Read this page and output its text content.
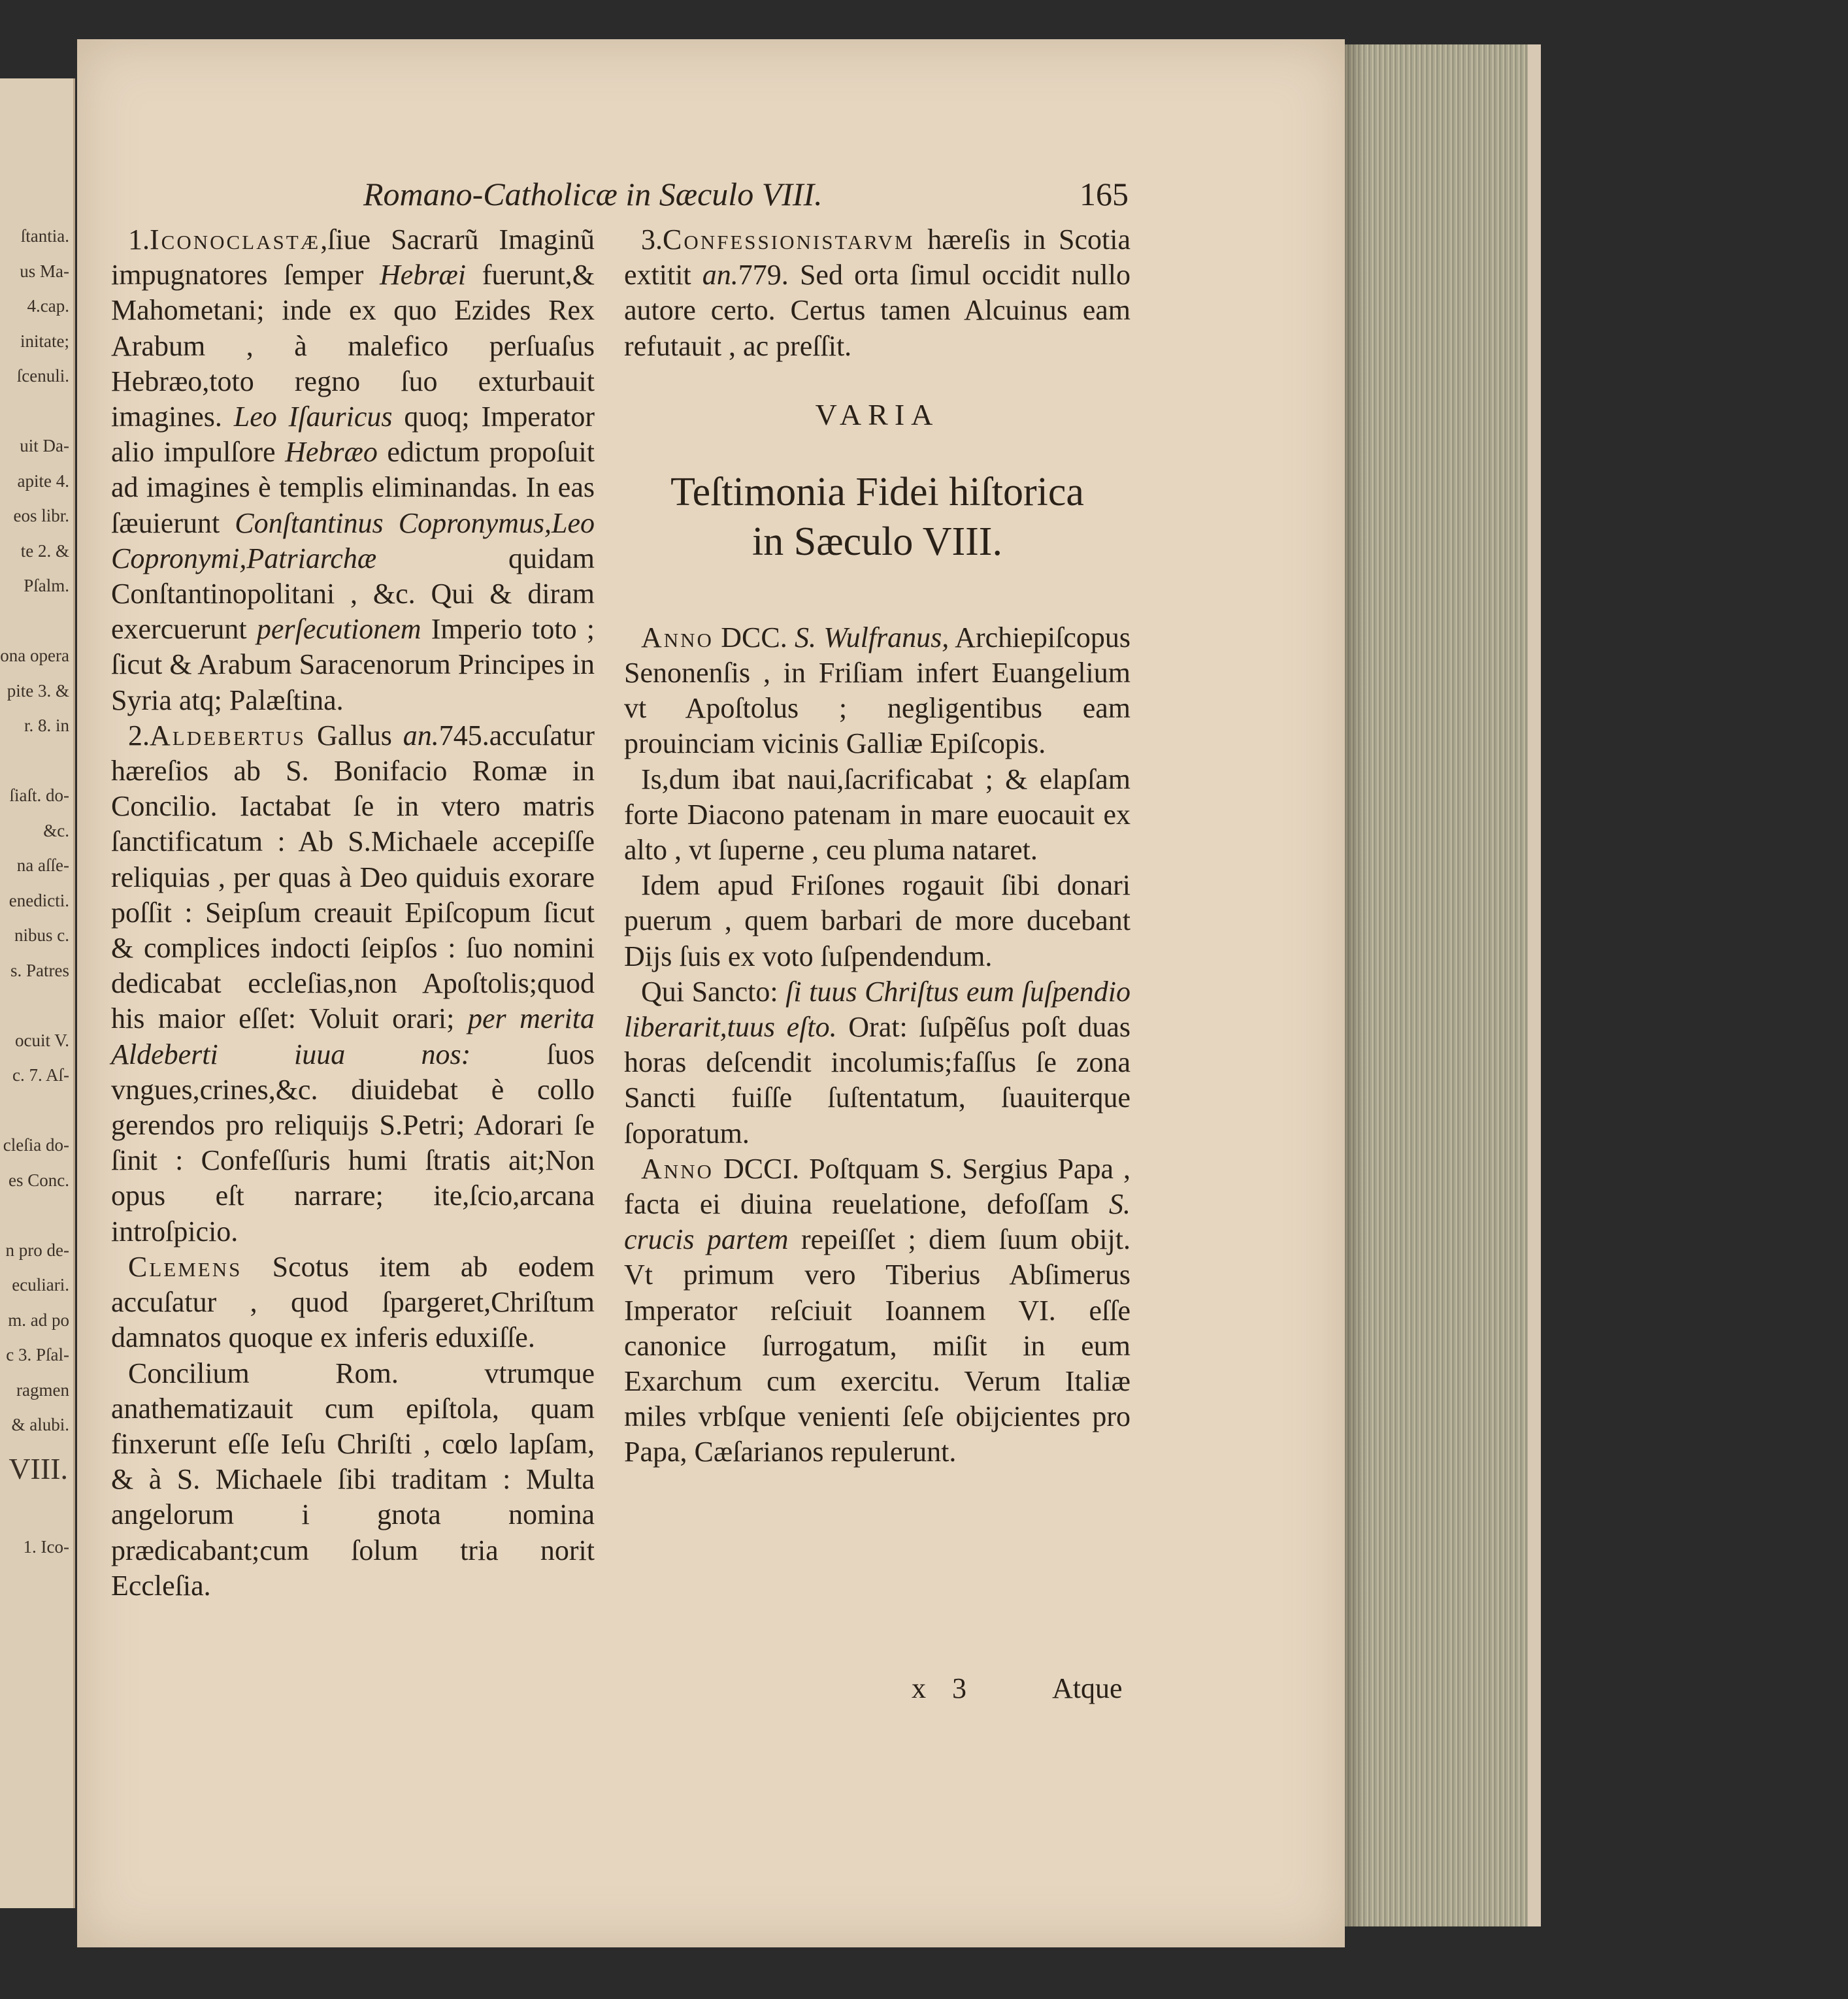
ſtantia.
us Ma-
4.cap.
initate;
ſcenuli.
uit Da-
apite 4.
eos libr.
te 2. &
Pſalm.
ona opera
pite 3. &
r. 8. in
ſiaſt. do-
&c.
na aſſe-
enedicti.
nibus c.
s. Patres
ocuit V.
c. 7. Aſ-
cleſia do-
es Conc.
n pro de-
eculiari.
m. ad po
c 3. Pſal-
ragmen
& alubi.
VIII.
1. Ico-
Romano-Catholicæ in Sæculo VIII.	165

1.Iconoclastæ,ſiue Sacrarũ Imaginũ impugnatores ſemper Hebræi fuerunt,& Mahometani; inde ex quo Ezides Rex Arabum , à malefico perſuaſus Hebræo,toto regno ſuo exturbauit imagines. Leo Iſauricus quoq; Imperator alio impulſore Hebræo edictum propoſuit ad imagines è templis eliminandas. In eas ſæuierunt Conſtantinus Copronymus,Leo Copronymi,Patriarchæ quidam Conſtantinopolitani , &c. Qui & diram exercuerunt perſecutionem Imperio toto ; ſicut & Arabum Saracenorum Principes in Syria atq; Palæſtina.

2.Aldebertus Gallus an.745.accuſatur hæreſios ab S. Bonifacio Romæ in Concilio. Iactabat ſe in vtero matris ſanctificatum : Ab S.Michaele accepiſſe reliquias , per quas à Deo quiduis exorare poſſit : Seipſum creauit Epiſcopum ſicut & complices indocti ſeipſos : ſuo nomini dedicabat eccleſias,non Apoſtolis;quod his maior eſſet: Voluit orari; per merita Aldeberti iuua nos: ſuos vngues,crines,&c. diuidebat è collo gerendos pro reliquijs S.Petri; Adorari ſe ſinit : Confeſſuris humi ſtratis ait;Non opus eſt narrare; ite,ſcio,arcana introſpicio.

Clemens Scotus item ab eodem accuſatur , quod ſpargeret,Chriſtum damnatos quoque ex inferis eduxiſſe.

Concilium Rom. vtrumque anathematizauit cum epiſtola, quam finxerunt eſſe Ieſu Chriſti , cœlo lapſam, & à S. Michaele ſibi traditam : Multa angelorum i gnota nomina prædicabant;cum ſolum tria norit Eccleſia.

3.Confessionistarvm hæreſis in Scotia extitit an.779. Sed orta ſimul occidit nullo autore certo. Certus tamen Alcuinus eam refutauit , ac preſſit.

VARIA

Teſtimonia Fidei hiſtorica
in Sæculo VIII.

Anno DCC. S. Wulfranus, Archiepiſcopus Senonenſis , in Friſiam infert Euangelium vt Apoſtolus ; negligentibus eam prouinciam vicinis Galliæ Epiſcopis.

Is,dum ibat naui,ſacrificabat ; & elapſam forte Diacono patenam in mare euocauit ex alto , vt ſuperne , ceu pluma nataret.

Idem apud Friſones rogauit ſibi donari puerum , quem barbari de more ducebant Dijs ſuis ex voto ſuſpendendum.

Qui Sancto: ſi tuus Chriſtus eum ſuſpendio liberarit,tuus eſto. Orat: ſuſpẽſus poſt duas horas deſcendit incolumis;faſſus ſe zona Sancti fuiſſe ſuſtentatum, ſuauiterque ſoporatum.

Anno DCCI. Poſtquam S. Sergius Papa , facta ei diuina reuelatione, defoſſam S. crucis partem repeiſſet ; diem ſuum obijt. Vt primum vero Tiberius Abſimerus Imperator reſciuit Ioannem VI. eſſe canonice ſurrogatum, miſit in eum Exarchum cum exercitu. Verum Italiæ miles vrbſque venienti ſeſe obijcientes pro Papa, Cæſarianos repulerunt.

x 3	Atque
